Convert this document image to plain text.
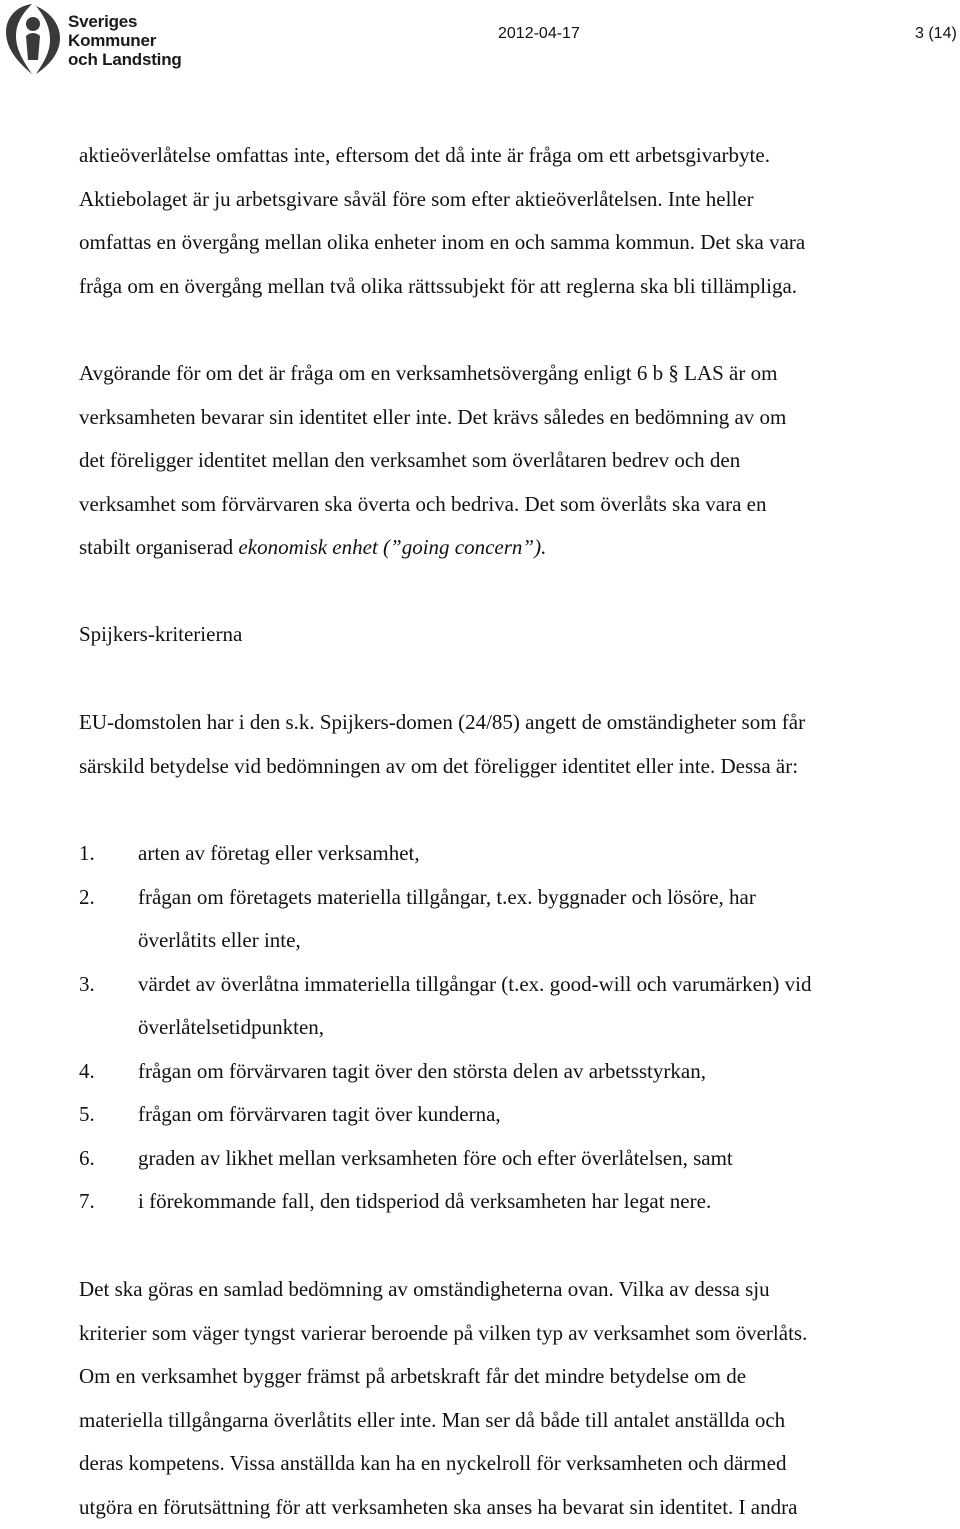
Sveriges
Kommuner
och Landsting
2012-04-17	3 (14)
aktieöverlåtelse omfattas inte, eftersom det då inte är fråga om ett arbetsgivarbyte.
Aktiebolaget är ju arbetsgivare såväl före som efter aktieöverlåtelsen. Inte heller
omfattas en övergång mellan olika enheter inom en och samma kommun. Det ska vara
fråga om en övergång mellan två olika rättssubjekt för att reglerna ska bli tillämpliga.
Avgörande för om det är fråga om en verksamhetsövergång enligt 6 b § LAS är om
verksamheten bevarar sin identitet eller inte. Det krävs således en bedömning av om
det föreligger identitet mellan den verksamhet som överlåtaren bedrev och den
verksamhet som förvärvaren ska överta och bedriva. Det som överlåts ska vara en
stabilt organiserad ekonomisk enhet (”going concern”).
Spijkers-kriterierna
EU-domstolen har i den s.k. Spijkers-domen (24/85) angett de omständigheter som får
särskild betydelse vid bedömningen av om det föreligger identitet eller inte. Dessa är:
1. arten av företag eller verksamhet,
2. frågan om företagets materiella tillgångar, t.ex. byggnader och lösöre, har
överlåtits eller inte,
3. värdet av överlåtna immateriella tillgångar (t.ex. good-will och varumärken) vid
överlåtelsetidpunkten,
4. frågan om förvärvaren tagit över den största delen av arbetsstyrkan,
5. frågan om förvärvaren tagit över kunderna,
6. graden av likhet mellan verksamheten före och efter överlåtelsen, samt
7. i förekommande fall, den tidsperiod då verksamheten har legat nere.
Det ska göras en samlad bedömning av omständigheterna ovan. Vilka av dessa sju
kriterier som väger tyngst varierar beroende på vilken typ av verksamhet som överlåts.
Om en verksamhet bygger främst på arbetskraft får det mindre betydelse om de
materiella tillgångarna överlåtits eller inte. Man ser då både till antalet anställda och
deras kompetens. Vissa anställda kan ha en nyckelroll för verksamheten och därmed
utgöra en förutsättning för att verksamheten ska anses ha bevarat sin identitet. I andra
